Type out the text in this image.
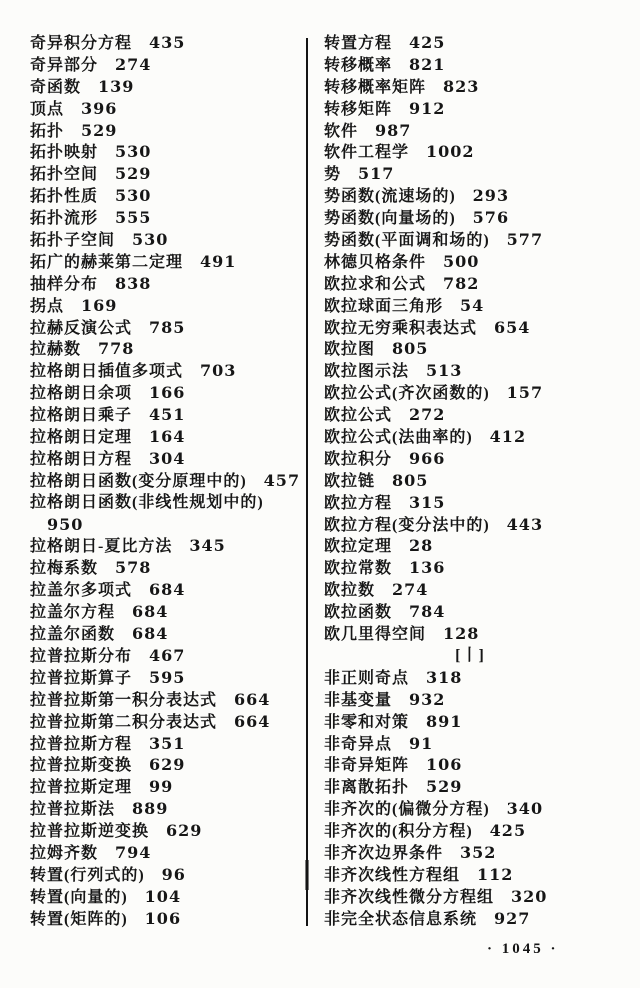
奇异积分方程 435
奇异部分 274
奇函数 139
顶点 396
拓扑 529
拓扑映射 530
拓扑空间 529
拓扑性质 530
拓扑流形 555
拓扑子空间 530
拓广的赫莱第二定理 491
抽样分布 838
拐点 169
拉赫反演公式 785
拉赫数 778
拉格朗日插值多项式 703
拉格朗日余项 166
拉格朗日乘子 451
拉格朗日定理 164
拉格朗日方程 304
拉格朗日函数(变分原理中的) 457
拉格朗日函数(非线性规划中的)
950
拉格朗日-夏比方法 345
拉梅系数 578
拉盖尔多项式 684
拉盖尔方程 684
拉盖尔函数 684
拉普拉斯分布 467
拉普拉斯算子 595
拉普拉斯第一积分表达式 664
拉普拉斯第二积分表达式 664
拉普拉斯方程 351
拉普拉斯变换 629
拉普拉斯定理 99
拉普拉斯法 889
拉普拉斯逆变换 629
拉姆齐数 794
转置(行列式的) 96
转置(向量的) 104
转置(矩阵的) 106
转置方程 425
转移概率 821
转移概率矩阵 823
转移矩阵 912
软件 987
软件工程学 1002
势 517
势函数(流速场的) 293
势函数(向量场的) 576
势函数(平面调和场的) 577
林德贝格条件 500
欧拉求和公式 782
欧拉球面三角形 54
欧拉无穷乘积表达式 654
欧拉图 805
欧拉图示法 513
欧拉公式(齐次函数的) 157
欧拉公式 272
欧拉公式(法曲率的) 412
欧拉积分 966
欧拉链 805
欧拉方程 315
欧拉方程(变分法中的) 443
欧拉定理 28
欧拉常数 136
欧拉数 274
欧拉函数 784
欧几里得空间 128
[丨]
非正则奇点 318
非基变量 932
非零和对策 891
非奇异点 91
非奇异矩阵 106
非离散拓扑 529
非齐次的(偏微分方程) 340
非齐次的(积分方程) 425
非齐次边界条件 352
非齐次线性方程组 112
非齐次线性微分方程组 320
非完全状态信息系统 927
· 1045 ·
